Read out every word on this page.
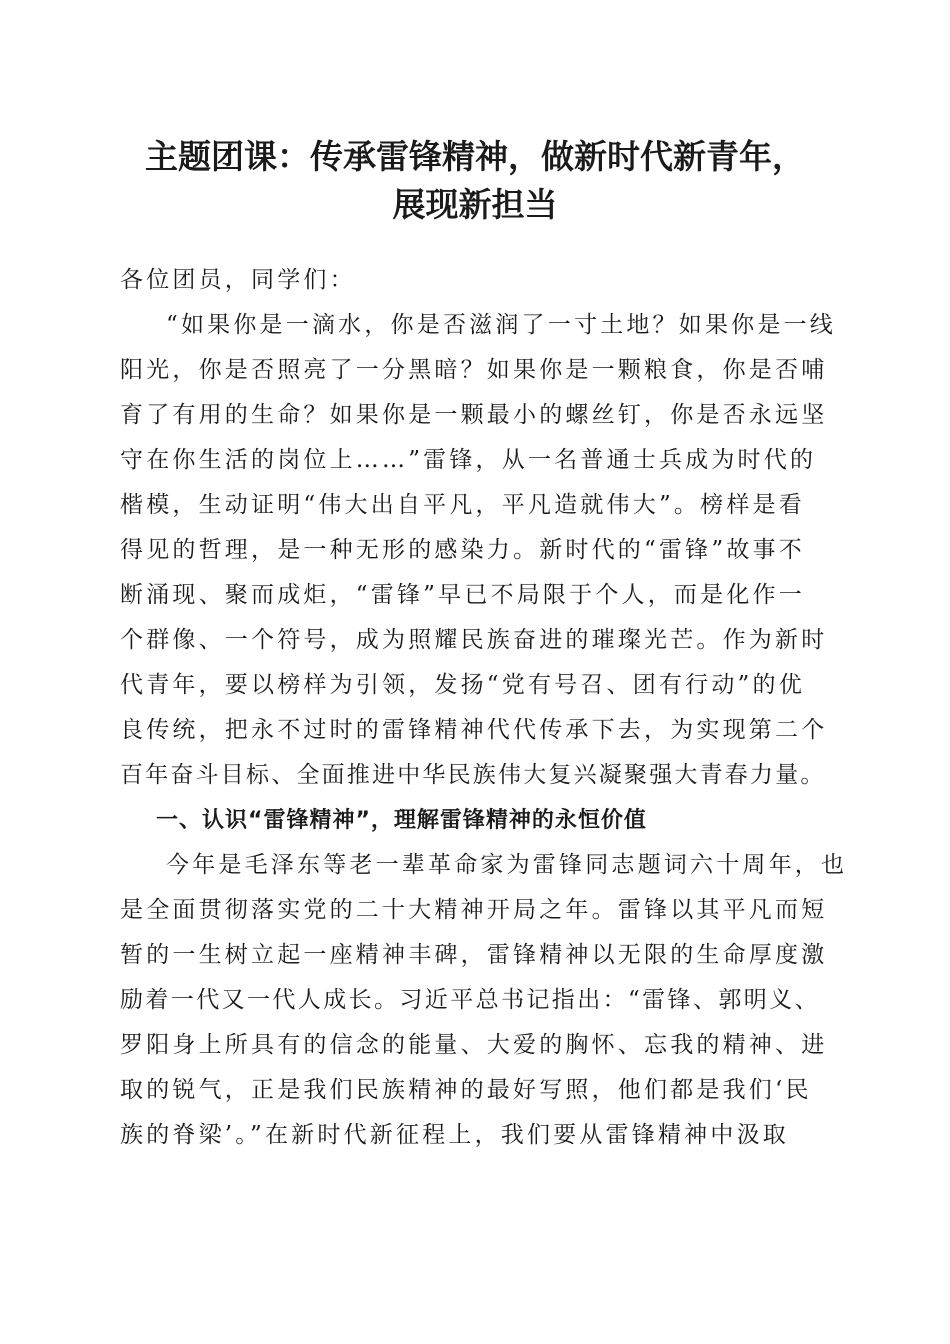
主题团课：传承雷锋精神，做新时代新青年，
展现新担当
各位团员，同学们：
“如果你是一滴水，你是否滋润了一寸土地？如果你是一线
阳光，你是否照亮了一分黑暗？如果你是一颗粮食，你是否哺
育了有用的生命？如果你是一颗最小的螺丝钉，你是否永远坚
守在你生活的岗位上……”雷锋，从一名普通士兵成为时代的
楷模，生动证明“伟大出自平凡，平凡造就伟大”。榜样是看
得见的哲理，是一种无形的感染力。新时代的“雷锋”故事不
断涌现、聚而成炬，“雷锋”早已不局限于个人，而是化作一
个群像、一个符号，成为照耀民族奋进的璀璨光芒。作为新时
代青年，要以榜样为引领，发扬“党有号召、团有行动”的优
良传统，把永不过时的雷锋精神代代传承下去，为实现第二个
百年奋斗目标、全面推进中华民族伟大复兴凝聚强大青春力量。
一、认识“雷锋精神”，理解雷锋精神的永恒价值
今年是毛泽东等老一辈革命家为雷锋同志题词六十周年，也
是全面贯彻落实党的二十大精神开局之年。雷锋以其平凡而短
暂的一生树立起一座精神丰碑，雷锋精神以无限的生命厚度激
励着一代又一代人成长。习近平总书记指出：“雷锋、郭明义、
罗阳身上所具有的信念的能量、大爱的胸怀、忘我的精神、进
取的锐气，正是我们民族精神的最好写照，他们都是我们‘民
族的脊梁’。”在新时代新征程上，我们要从雷锋精神中汲取
